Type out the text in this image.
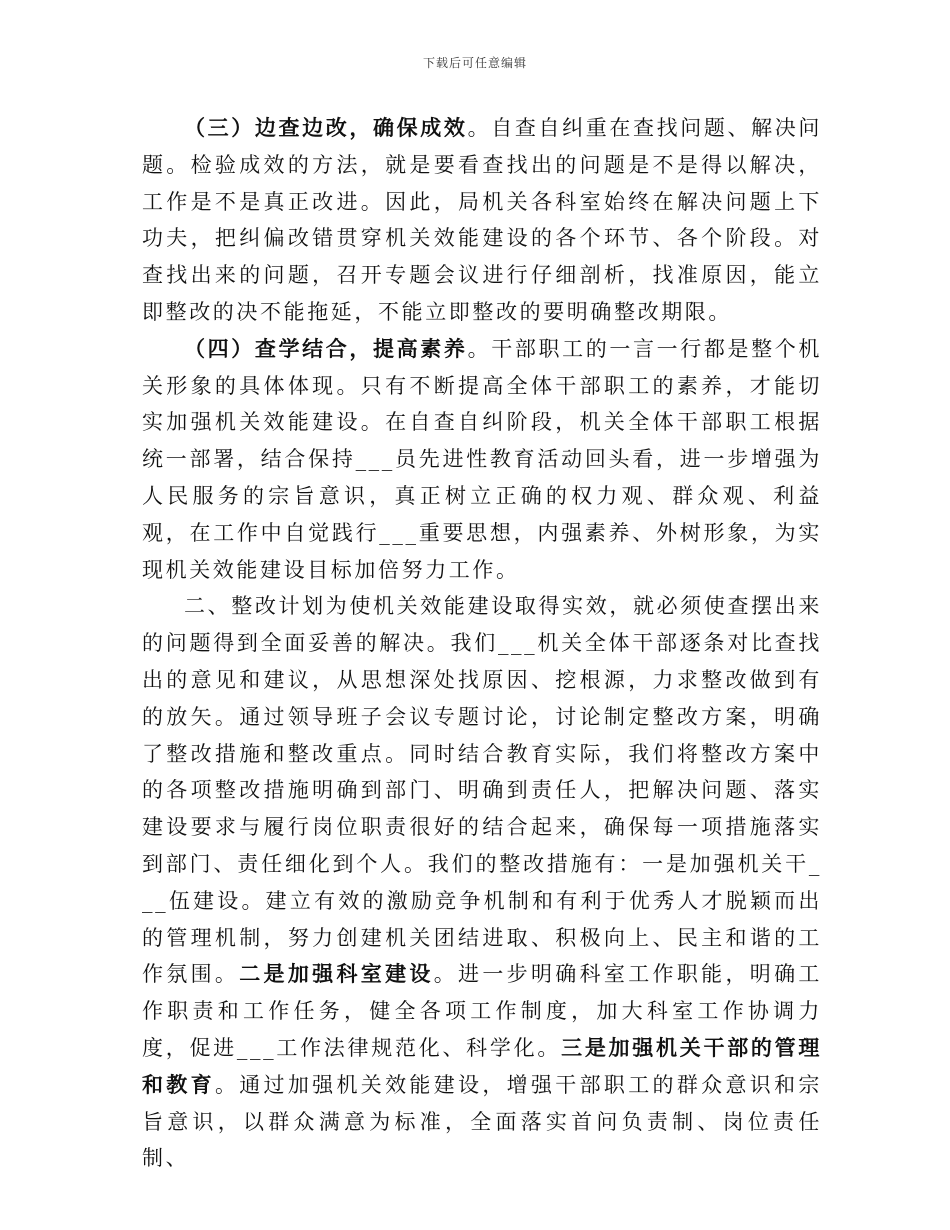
下载后可任意编辑

（三）边查边改，确保成效。自查自纠重在查找问题、解决问题。检验成效的方法，就是要看查找出的问题是不是得以解决，工作是不是真正改进。因此，局机关各科室始终在解决问题上下功夫，把纠偏改错贯穿机关效能建设的各个环节、各个阶段。对查找出来的问题，召开专题会议进行仔细剖析，找准原因，能立即整改的决不能拖延，不能立即整改的要明确整改期限。

（四）查学结合，提高素养。干部职工的一言一行都是整个机关形象的具体体现。只有不断提高全体干部职工的素养，才能切实加强机关效能建设。在自查自纠阶段，机关全体干部职工根据统一部署，结合保持___员先进性教育活动回头看，进一步增强为人民服务的宗旨意识，真正树立正确的权力观、群众观、利益观，在工作中自觉践行___重要思想，内强素养、外树形象，为实现机关效能建设目标加倍努力工作。

二、整改计划为使机关效能建设取得实效，就必须使查摆出来的问题得到全面妥善的解决。我们___机关全体干部逐条对比查找出的意见和建议，从思想深处找原因、挖根源，力求整改做到有的放矢。通过领导班子会议专题讨论，讨论制定整改方案，明确了整改措施和整改重点。同时结合教育实际，我们将整改方案中的各项整改措施明确到部门、明确到责任人，把解决问题、落实建设要求与履行岗位职责很好的结合起来，确保每一项措施落实到部门、责任细化到个人。我们的整改措施有：一是加强机关干___伍建设。建立有效的激励竞争机制和有利于优秀人才脱颖而出的管理机制，努力创建机关团结进取、积极向上、民主和谐的工作氛围。二是加强科室建设。进一步明确科室工作职能，明确工作职责和工作任务，健全各项工作制度，加大科室工作协调力度，促进___工作法律规范化、科学化。三是加强机关干部的管理和教育。通过加强机关效能建设，增强干部职工的群众意识和宗旨意识，以群众满意为标准，全面落实首问负责制、岗位责任制、
